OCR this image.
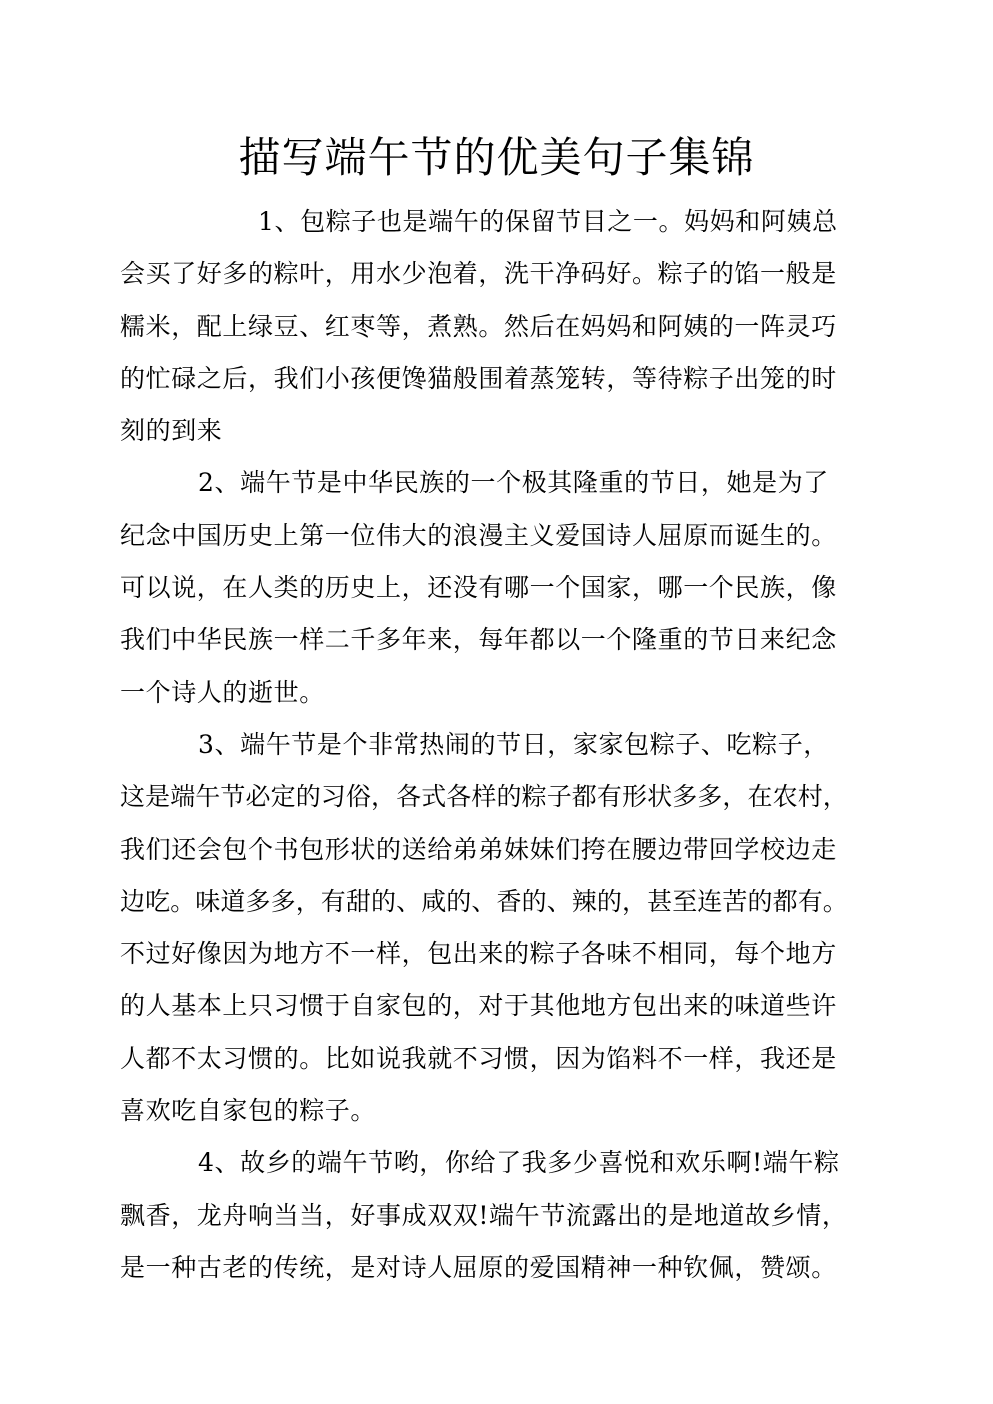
描写端午节的优美句子集锦
1、包粽子也是端午的保留节目之一。妈妈和阿姨总
会买了好多的粽叶，用水少泡着，洗干净码好。粽子的馅一般是
糯米，配上绿豆、红枣等，煮熟。然后在妈妈和阿姨的一阵灵巧
的忙碌之后，我们小孩便馋猫般围着蒸笼转，等待粽子出笼的时
刻的到来
2、端午节是中华民族的一个极其隆重的节日，她是为了
纪念中国历史上第一位伟大的浪漫主义爱国诗人屈原而诞生的。
可以说，在人类的历史上，还没有哪一个国家，哪一个民族，像
我们中华民族一样二千多年来，每年都以一个隆重的节日来纪念
一个诗人的逝世。
3、端午节是个非常热闹的节日，家家包粽子、吃粽子，
这是端午节必定的习俗，各式各样的粽子都有形状多多，在农村，
我们还会包个书包形状的送给弟弟妹妹们挎在腰边带回学校边走
边吃。味道多多，有甜的、咸的、香的、辣的，甚至连苦的都有。
不过好像因为地方不一样，包出来的粽子各味不相同，每个地方
的人基本上只习惯于自家包的，对于其他地方包出来的味道些许
人都不太习惯的。比如说我就不习惯，因为馅料不一样，我还是
喜欢吃自家包的粽子。
4、故乡的端午节哟，你给了我多少喜悦和欢乐啊!端午粽
飘香，龙舟响当当，好事成双双!端午节流露出的是地道故乡情，
是一种古老的传统，是对诗人屈原的爱国精神一种钦佩，赞颂。
